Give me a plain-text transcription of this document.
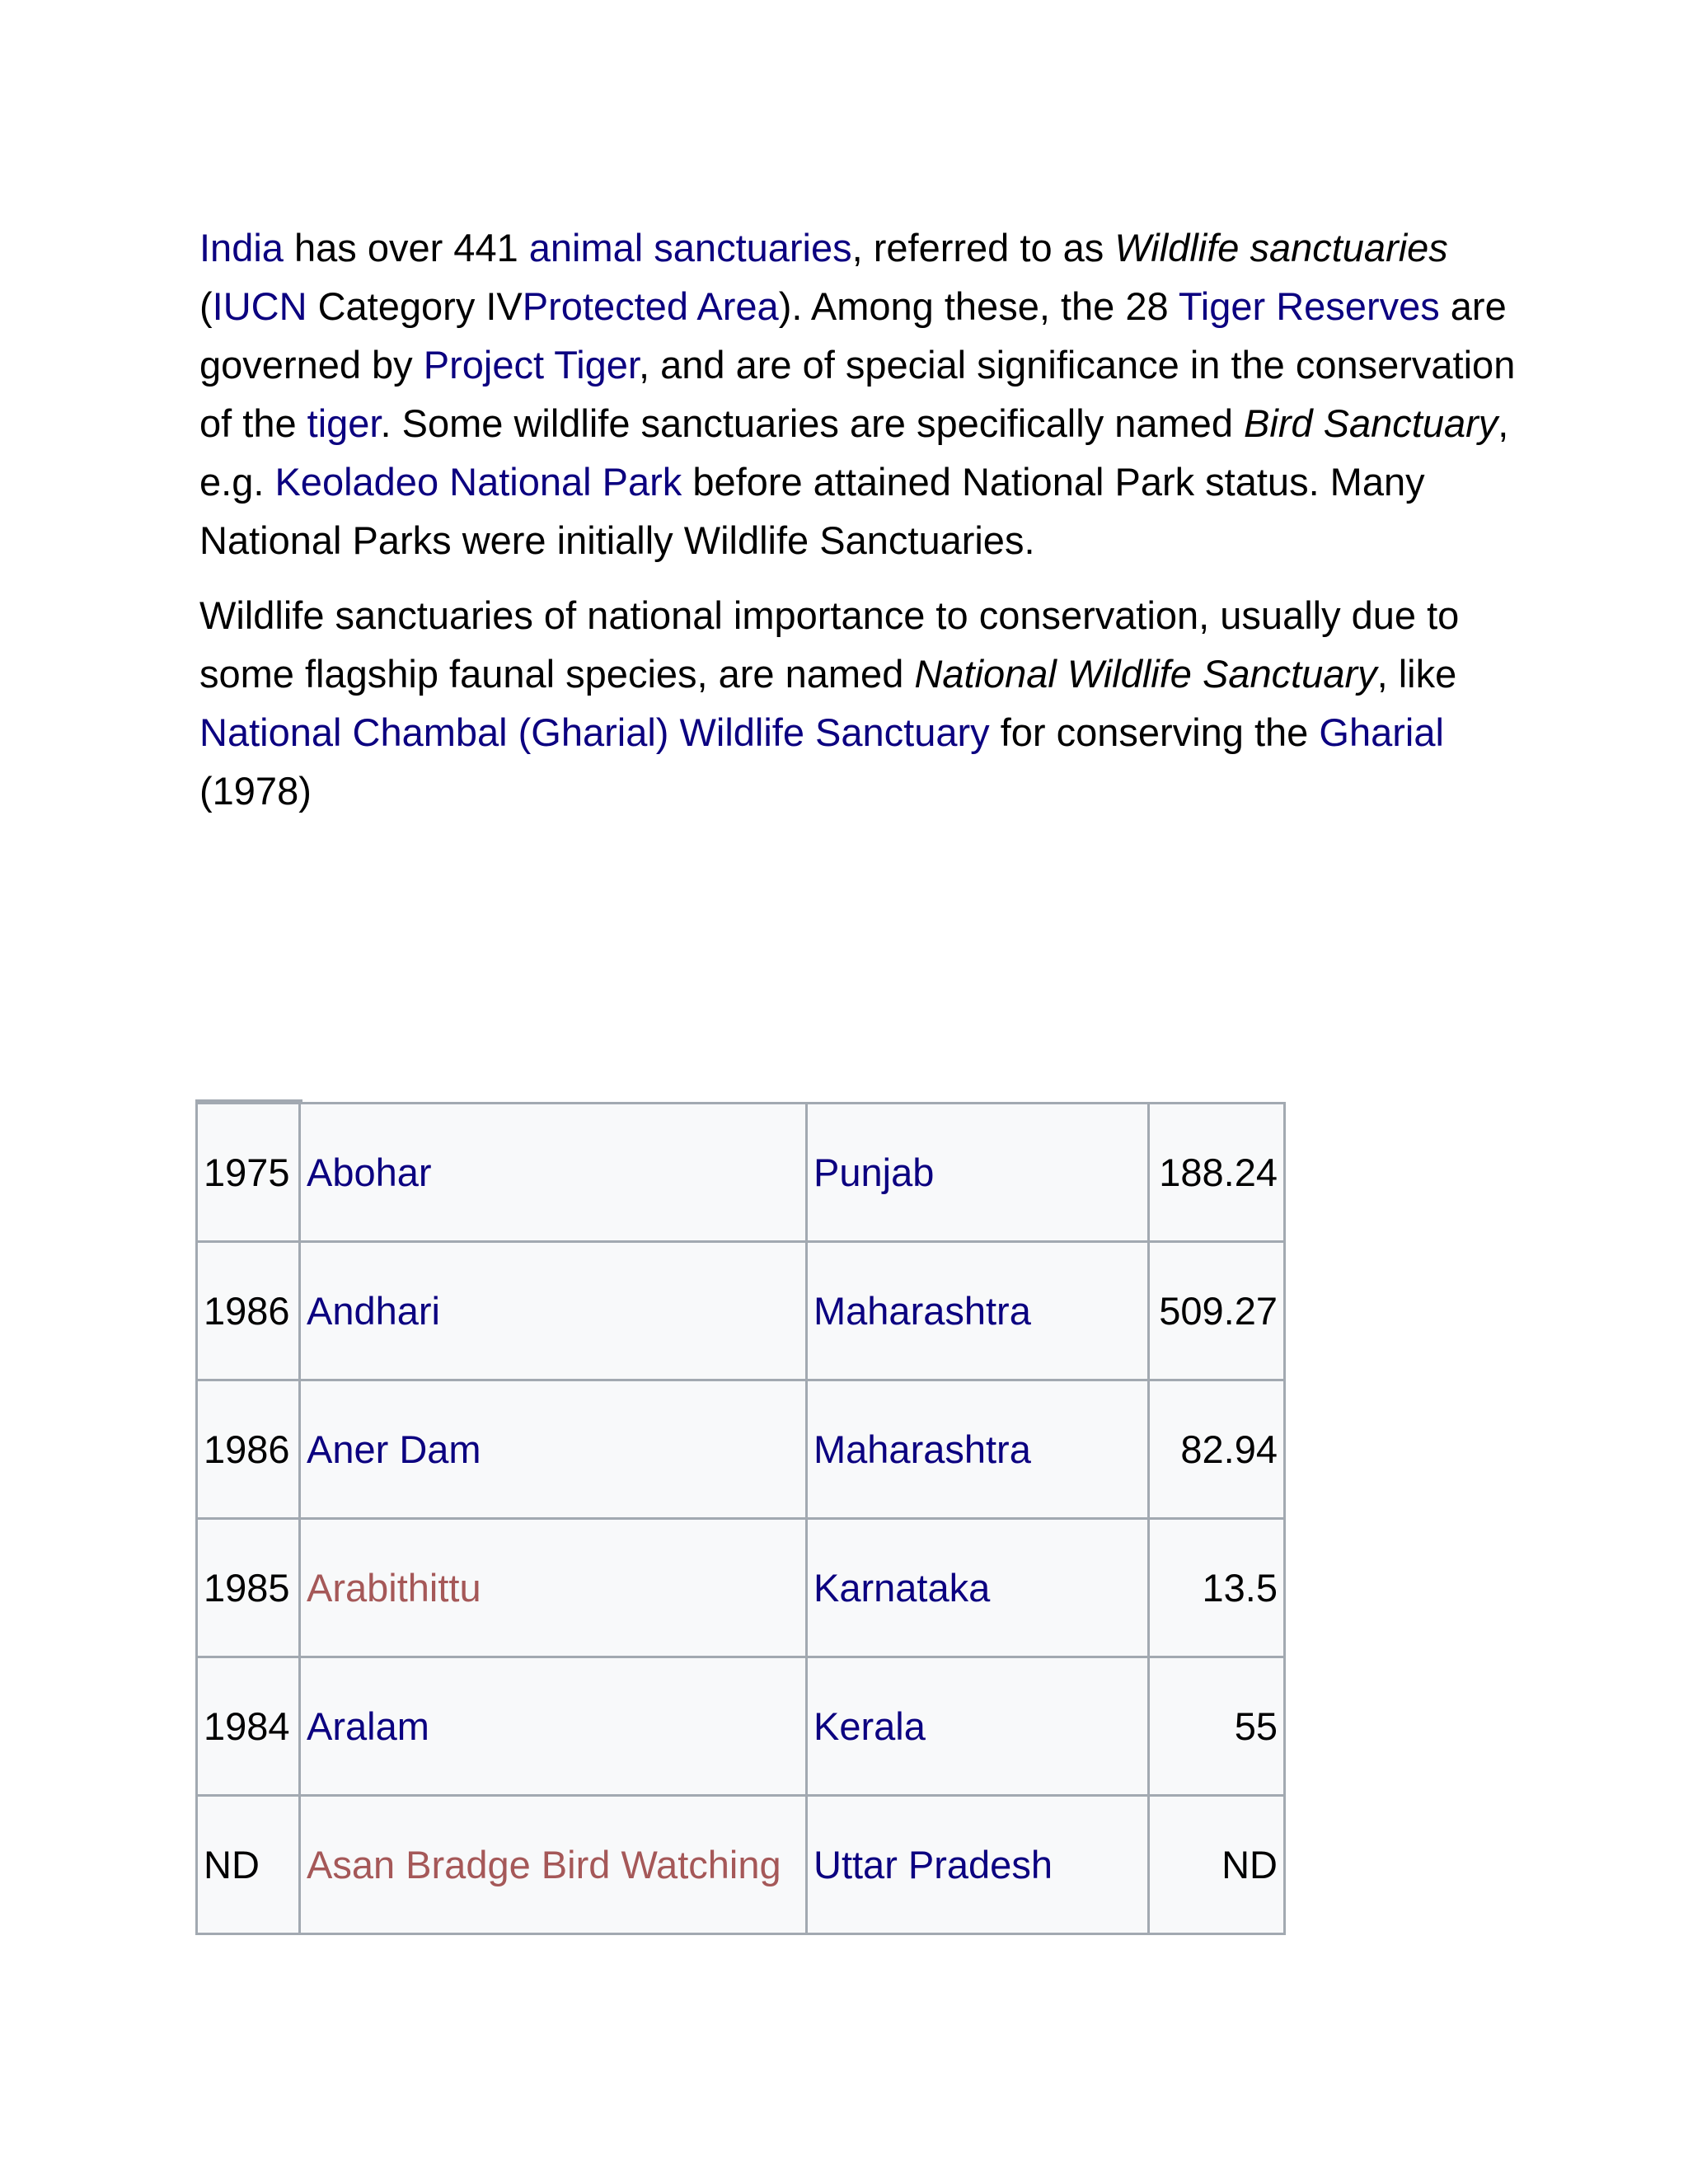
India has over 441 animal sanctuaries, referred to as Wildlife sanctuaries (IUCN Category IVProtected Area). Among these, the 28 Tiger Reserves are governed by Project Tiger, and are of special significance in the conservation of the tiger. Some wildlife sanctuaries are specifically named Bird Sanctuary, e.g. Keoladeo National Park before attained National Park status. Many National Parks were initially Wildlife Sanctuaries.

Wildlife sanctuaries of national importance to conservation, usually due to some flagship faunal species, are named National Wildlife Sanctuary, like National Chambal (Gharial) Wildlife Sanctuary for conserving the Gharial (1978)

1975	Abohar	Punjab	188.24
1986	Andhari	Maharashtra	509.27
1986	Aner Dam	Maharashtra	82.94
1985	Arabithittu	Karnataka	13.5
1984	Aralam	Kerala	55
ND	Asan Bradge Bird Watching	Uttar Pradesh	ND
